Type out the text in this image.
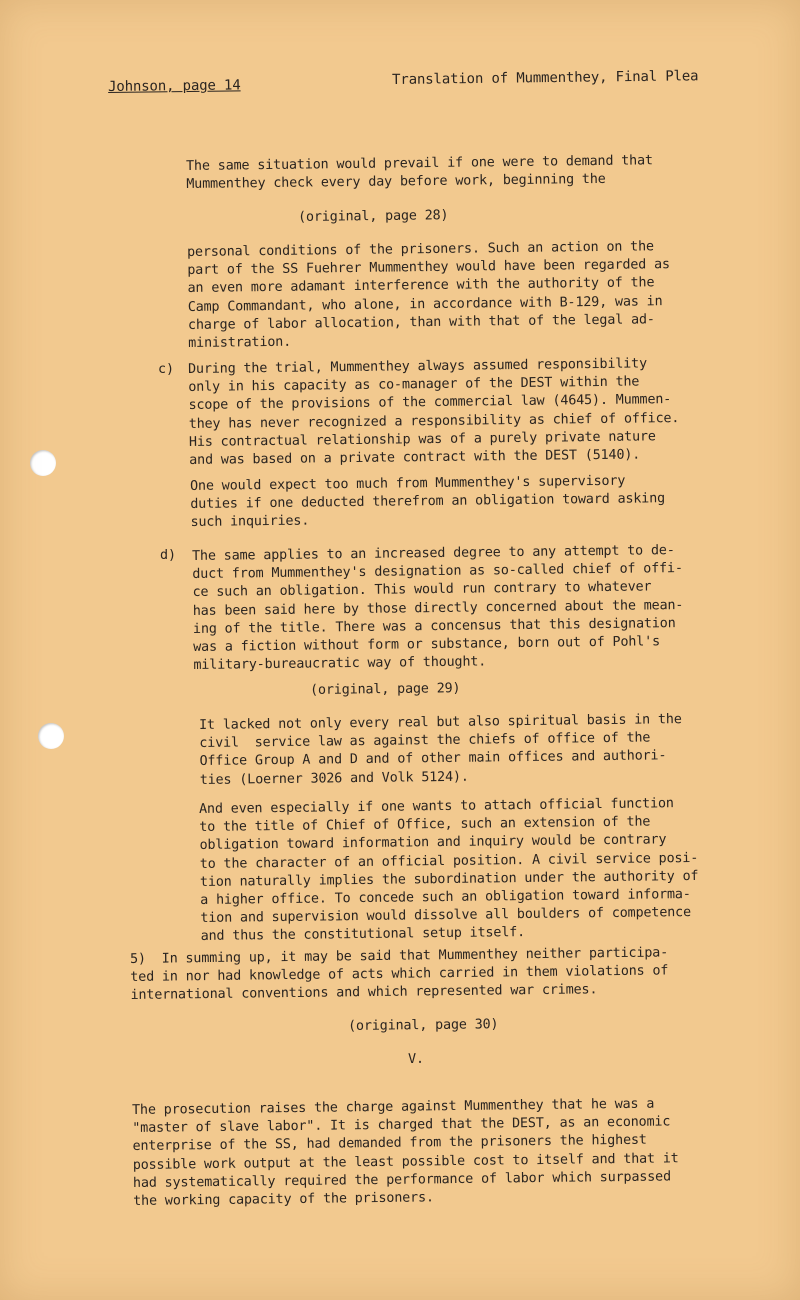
Johnson, page 14	Translation of Mummenthey, Final Plea
The same situation would prevail if one were to demand that
Mummenthey check every day before work, beginning the
(original, page 28)
personal conditions of the prisoners. Such an action on the
part of the SS Fuehrer Mummenthey would have been regarded as
an even more adamant interference with the authority of the
Camp Commandant, who alone, in accordance with B-129, was in
charge of labor allocation, than with that of the legal ad-
ministration.
c) During the trial, Mummenthey always assumed responsibility
only in his capacity as co-manager of the DEST within the
scope of the provisions of the commercial law (4645). Mummen-
they has never recognized a responsibility as chief of office.
His contractual relationship was of a purely private nature
and was based on a private contract with the DEST (5140).
One would expect too much from Mummenthey's supervisory
duties if one deducted therefrom an obligation toward asking
such inquiries.
d) The same applies to an increased degree to any attempt to de-
duct from Mummenthey's designation as so-called chief of offi-
ce such an obligation. This would run contrary to whatever
has been said here by those directly concerned about the mean-
ing of the title. There was a concensus that this designation
was a fiction without form or substance, born out of Pohl's
military-bureaucratic way of thought.
(original, page 29)
It lacked not only every real but also spiritual basis in the
civil  service law as against the chiefs of office of the
Office Group A and D and of other main offices and authori-
ties (Loerner 3026 and Volk 5124).
And even especially if one wants to attach official function
to the title of Chief of Office, such an extension of the
obligation toward information and inquiry would be contrary
to the character of an official position. A civil service posi-
tion naturally implies the subordination under the authority of
a higher office. To concede such an obligation toward informa-
tion and supervision would dissolve all boulders of competence
and thus the constitutional setup itself.
5)  In summing up, it may be said that Mummenthey neither participa-
ted in nor had knowledge of acts which carried in them violations of
international conventions and which represented war crimes.
(original, page 30)
V.
The prosecution raises the charge against Mummenthey that he was a
"master of slave labor". It is charged that the DEST, as an economic
enterprise of the SS, had demanded from the prisoners the highest
possible work output at the least possible cost to itself and that it
had systematically required the performance of labor which surpassed
the working capacity of the prisoners.
